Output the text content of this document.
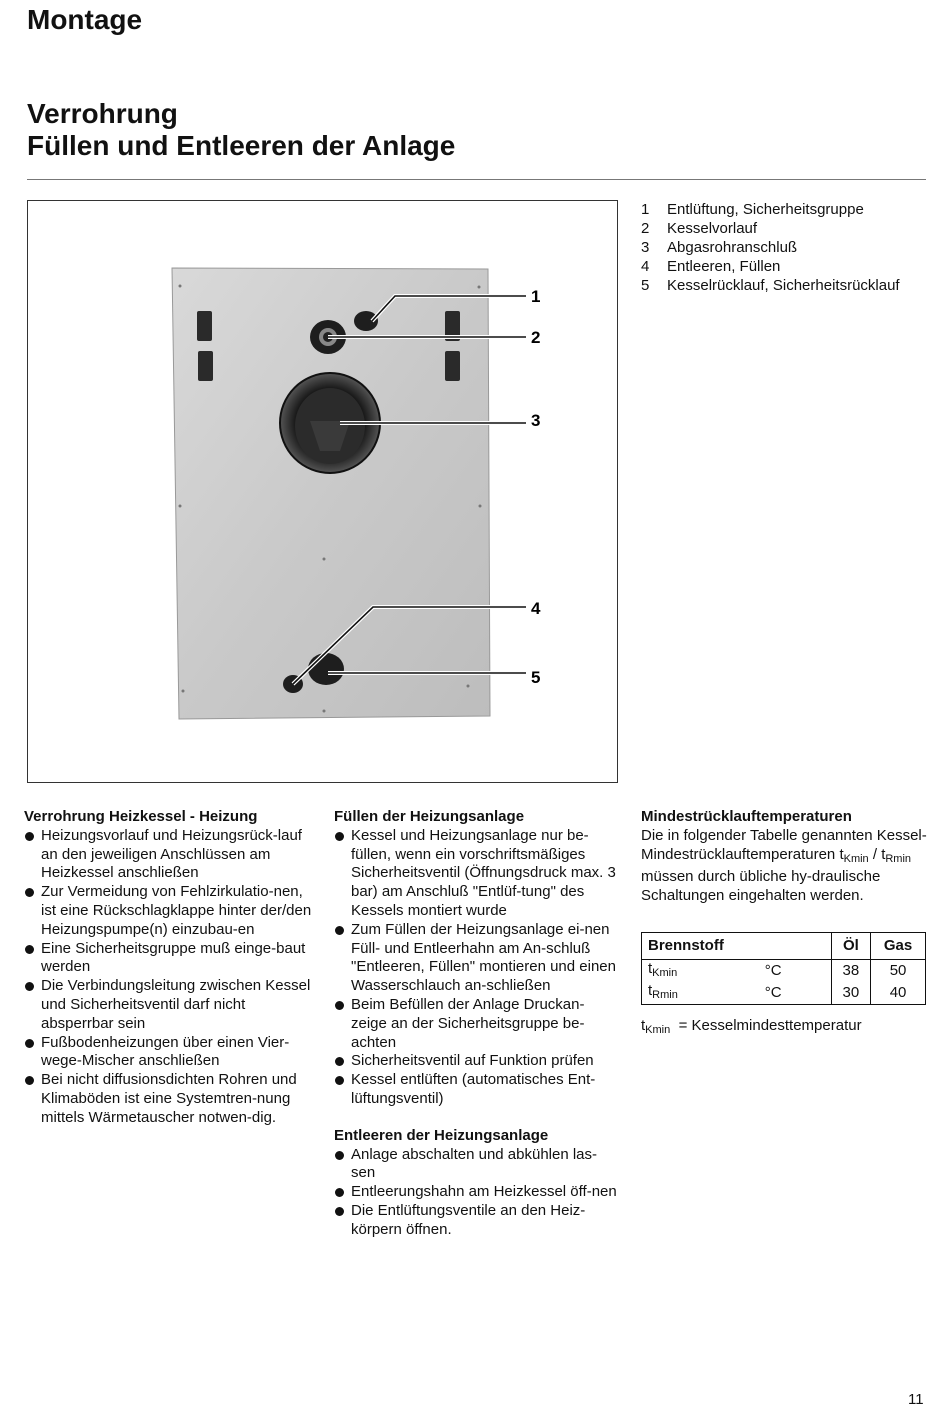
Montage
Verrohrung
Füllen und Entleeren der Anlage
1
2
3
4
5
1	Entlüftung, Sicherheitsgruppe
2	Kesselvorlauf
3	Abgasrohranschluß
4	Entleeren, Füllen
5	Kesselrücklauf, Sicherheitsrücklauf
Verrohrung Heizkessel - Heizung
Heizungsvorlauf und Heizungsrück-lauf an den jeweiligen Anschlüssen am Heizkessel anschließen
Zur Vermeidung von Fehlzirkulatio-nen, ist eine Rückschlagklappe hinter der/den Heizungspumpe(n) einzubau-en
Eine Sicherheitsgruppe muß einge-baut werden
Die Verbindungsleitung zwischen Kessel und Sicherheitsventil darf nicht absperrbar sein
Fußbodenheizungen über einen Vier-wege-Mischer anschließen
Bei nicht diffusionsdichten Rohren und Klimaböden ist eine Systemtren-nung mittels Wärmetauscher notwen-dig.
Füllen der Heizungsanlage
Kessel und Heizungsanlage nur be-füllen, wenn ein vorschriftsmäßiges Sicherheitsventil (Öffnungsdruck max. 3 bar) am Anschluß "Entlüf-tung" des Kessels montiert wurde
Zum Füllen der Heizungsanlage ei-nen Füll- und Entleerhahn am An-schluß "Entleeren, Füllen" montieren und einen Wasserschlauch an-schließen
Beim Befüllen der Anlage Druckan-zeige an der Sicherheitsgruppe be-achten
Sicherheitsventil auf Funktion prüfen
Kessel entlüften (automatisches Ent-lüftungsventil)
Entleeren der Heizungsanlage
Anlage abschalten und abkühlen las-sen
Entleerungshahn am Heizkessel öff-nen
Die Entlüftungsventile an den Heiz-körpern öffnen.
Mindestrücklauftemperaturen
Die in folgender Tabelle genannten Kessel-Mindestrücklauftemperaturen $t_{Kmin} / t_{Rmin}$ müssen durch übliche hy-draulische Schaltungen eingehalten werden.
Brennstoff		Öl	Gas
$t_{Kmin}$	°C	38	50
$t_{Rmin}$	°C	30	40
$t_{Kmin}$ = Kesselmindesttemperatur
11
